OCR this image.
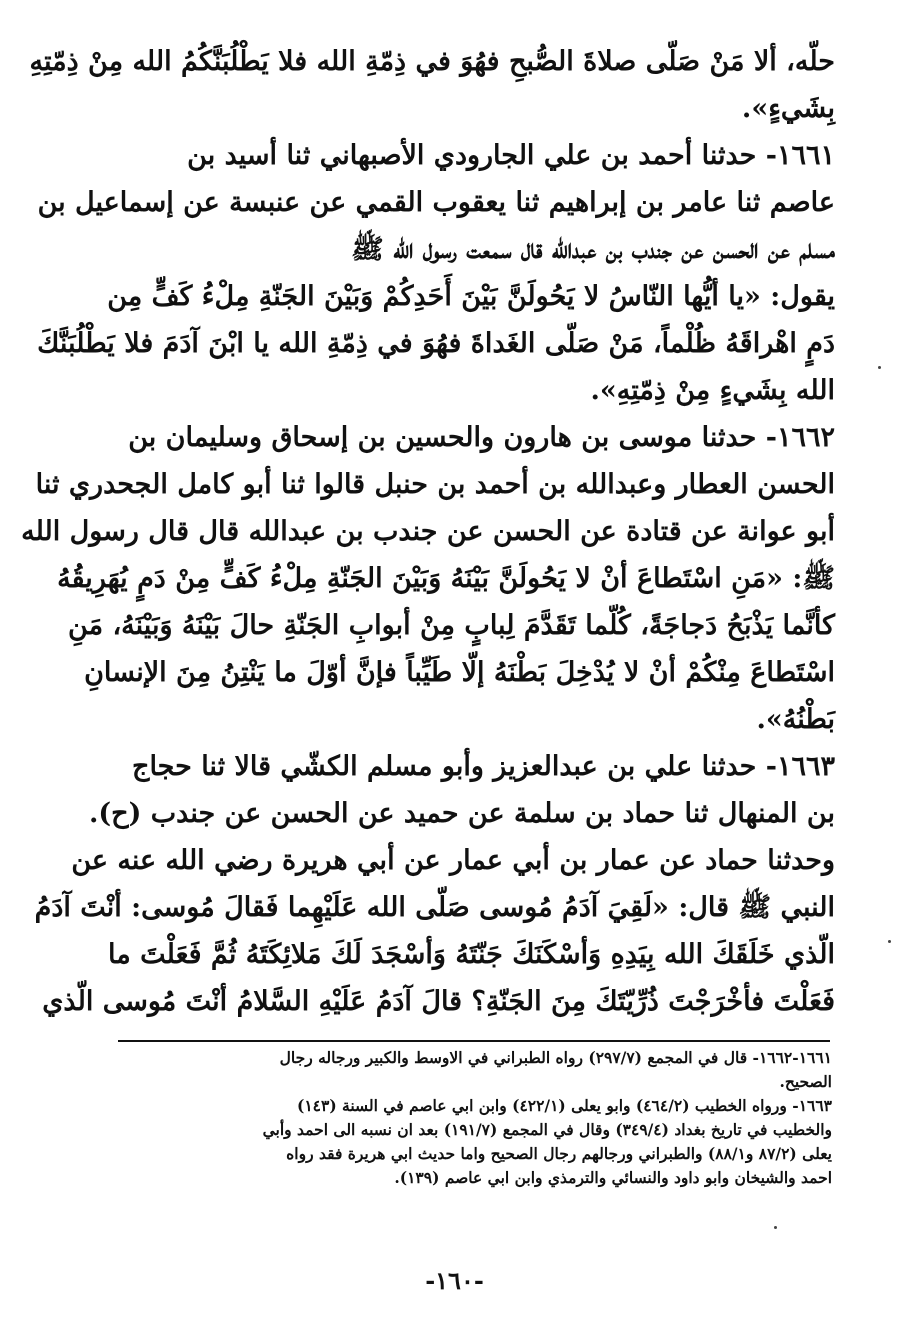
حلّه، ألا مَنْ صَلّى صلاةَ الصُّبحِ فهُوَ في ذِمّةِ الله فلا يَطْلُبَنَّكُمُ الله مِنْ ذِمّتِهِ
بِشَيءٍ».
١٦٦١- حدثنا أحمد بن علي الجارودي الأصبهاني ثنا أسيد بن
عاصم ثنا عامر بن إبراهيم ثنا يعقوب القمي عن عنبسة عن إسماعيل بن
مسلم عن الحسن عن جندب بن عبدالله قال سمعت رسول الله ﷺ
يقول: «يا أيُّها النّاسُ لا يَحُولَنَّ بَيْنَ أَحَدِكُمْ وَبَيْنَ الجَنّةِ مِلْءُ كَفٍّ مِن
دَمٍ اهْراقَهُ ظُلْماً، مَنْ صَلّى الغَداةَ فهُوَ في ذِمّةِ الله يا ابْنَ آدَمَ فلا يَطْلُبَنَّكَ
الله بِشَيءٍ مِنْ ذِمّتِهِ».
١٦٦٢- حدثنا موسى بن هارون والحسين بن إسحاق وسليمان بن
الحسن العطار وعبدالله بن أحمد بن حنبل قالوا ثنا أبو كامل الجحدري ثنا
أبو عوانة عن قتادة عن الحسن عن جندب بن عبدالله قال قال رسول الله
ﷺ: «مَنِ اسْتَطاعَ أنْ لا يَحُولَنَّ بَيْنَهُ وَبَيْنَ الجَنّةِ مِلْءُ كَفٍّ مِنْ دَمٍ يُهَرِيقُهُ
كأنَّما يَذْبَحُ دَجاجَةً، كُلّما تَقَدَّمَ لِبابٍ مِنْ أبوابِ الجَنّةِ حالَ بَيْنَهُ وَبَيْنَهُ، مَنِ
اسْتَطاعَ مِنْكُمْ أنْ لا يُدْخِلَ بَطْنَهُ إلّا طَيِّباً فإنَّ أوّلَ ما يَنْتِنُ مِنَ الإنسانِ
بَطْنُهُ».
١٦٦٣- حدثنا علي بن عبدالعزيز وأبو مسلم الكشّي قالا ثنا حجاج
بن المنهال ثنا حماد بن سلمة عن حميد عن الحسن عن جندب (ح).
وحدثنا حماد عن عمار بن أبي عمار عن أبي هريرة رضي الله عنه عن
النبي ﷺ قال: «لَقِيَ آدَمُ مُوسى صَلّى الله عَلَيْهِما فَقالَ مُوسى: أنْتَ آدَمُ
الّذي خَلَقَكَ الله بِيَدِهِ وَأسْكَنَكَ جَنّتَهُ وَأسْجَدَ لَكَ مَلائِكَتَهُ ثُمَّ فَعَلْتَ ما
فَعَلْتَ فأخْرَجْتَ ذُرِّيّتَكَ مِنَ الجَنّةِ؟ قالَ آدَمُ عَلَيْهِ السَّلامُ أنْتَ مُوسى الّذي
١٦٦١-١٦٦٢- قال في المجمع (٢٩٧/٧) رواه الطبراني في الاوسط والكبير ورجاله رجال
الصحيح.
١٦٦٣- ورواه الخطيب (٤٦٤/٢) وابو يعلى (٤٢٢/١) وابن ابي عاصم في السنة (١٤٣)
والخطيب في تاريخ بغداد (٣٤٩/٤) وقال في المجمع (١٩١/٧) بعد ان نسبه الى احمد وأبي
يعلى (٨٧/٢ و٨٨/١) والطبراني ورجالهم رجال الصحيح واما حديث ابي هريرة فقد رواه
احمد والشيخان وابو داود والنسائي والترمذي وابن ابي عاصم (١٣٩).
-١٦٠-
